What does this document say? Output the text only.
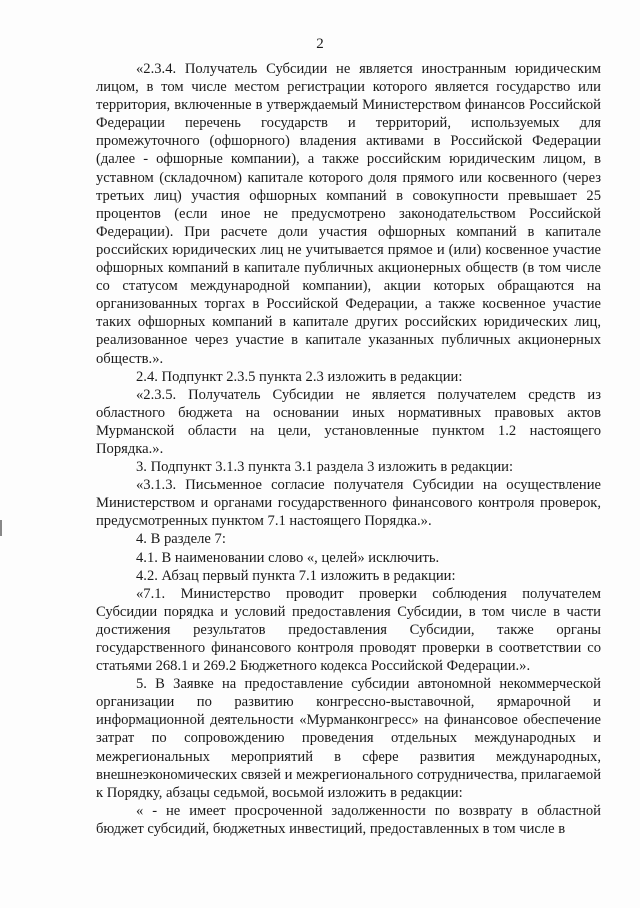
2

«2.3.4. Получатель Субсидии не является иностранным юридическим лицом, в том числе местом регистрации которого является государство или территория, включенные в утверждаемый Министерством финансов Российской Федерации перечень государств и территорий, используемых для промежуточного (офшорного) владения активами в Российской Федерации (далее - офшорные компании), а также российским юридическим лицом, в уставном (складочном) капитале которого доля прямого или косвенного (через третьих лиц) участия офшорных компаний в совокупности превышает 25 процентов (если иное не предусмотрено законодательством Российской Федерации). При расчете доли участия офшорных компаний в капитале российских юридических лиц не учитывается прямое и (или) косвенное участие офшорных компаний в капитале публичных акционерных обществ (в том числе со статусом международной компании), акции которых обращаются на организованных торгах в Российской Федерации, а также косвенное участие таких офшорных компаний в капитале других российских юридических лиц, реализованное через участие в капитале указанных публичных акционерных обществ.».

2.4. Подпункт 2.3.5 пункта 2.3 изложить в редакции:

«2.3.5. Получатель Субсидии не является получателем средств из областного бюджета на основании иных нормативных правовых актов Мурманской области на цели, установленные пунктом 1.2 настоящего Порядка.».

3. Подпункт 3.1.3 пункта 3.1 раздела 3 изложить в редакции:

«3.1.3. Письменное согласие получателя Субсидии на осуществление Министерством и органами государственного финансового контроля проверок, предусмотренных пунктом 7.1 настоящего Порядка.».

4. В разделе 7:

4.1. В наименовании слово «, целей» исключить.

4.2. Абзац первый пункта 7.1 изложить в редакции:

«7.1. Министерство проводит проверки соблюдения получателем Субсидии порядка и условий предоставления Субсидии, в том числе в части достижения результатов предоставления Субсидии, также органы государственного финансового контроля проводят проверки в соответствии со статьями 268.1 и 269.2 Бюджетного кодекса Российской Федерации.».

5. В Заявке на предоставление субсидии автономной некоммерческой организации по развитию конгрессно-выставочной, ярмарочной и информационной деятельности «Мурманконгресс» на финансовое обеспечение затрат по сопровождению проведения отдельных международных и межрегиональных мероприятий в сфере развития международных, внешнеэкономических связей и межрегионального сотрудничества, прилагаемой к Порядку, абзацы седьмой, восьмой изложить в редакции:

« - не имеет просроченной задолженности по возврату в областной бюджет субсидий, бюджетных инвестиций, предоставленных в том числе в
